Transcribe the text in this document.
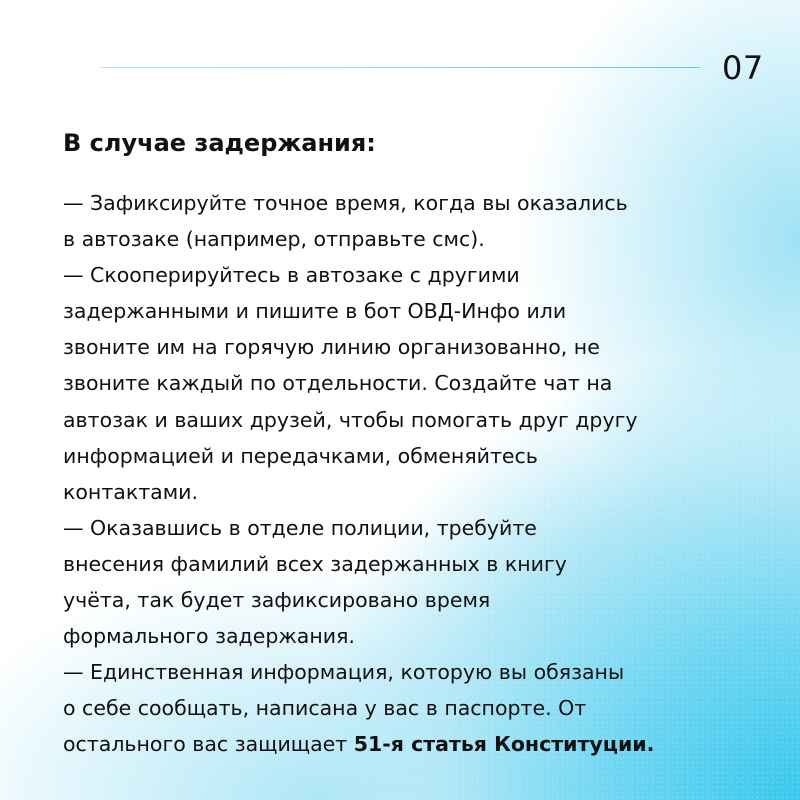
07
В случае задержания:
— Зафиксируйте точное время, когда вы оказались
в автозаке (например, отправьте смс).
— Скооперируйтесь в автозаке с другими
задержанными и пишите в бот ОВД-Инфо или
звоните им на горячую линию организованно, не
звоните каждый по отдельности. Создайте чат на
автозак и ваших друзей, чтобы помогать друг другу
информацией и передачками, обменяйтесь
контактами.
— Оказавшись в отделе полиции, требуйте
внесения фамилий всех задержанных в книгу
учёта, так будет зафиксировано время
формального задержания.
— Единственная информация, которую вы обязаны
о себе сообщать, написана у вас в паспорте. От
остального вас защищает 51-я статья Конституции.
